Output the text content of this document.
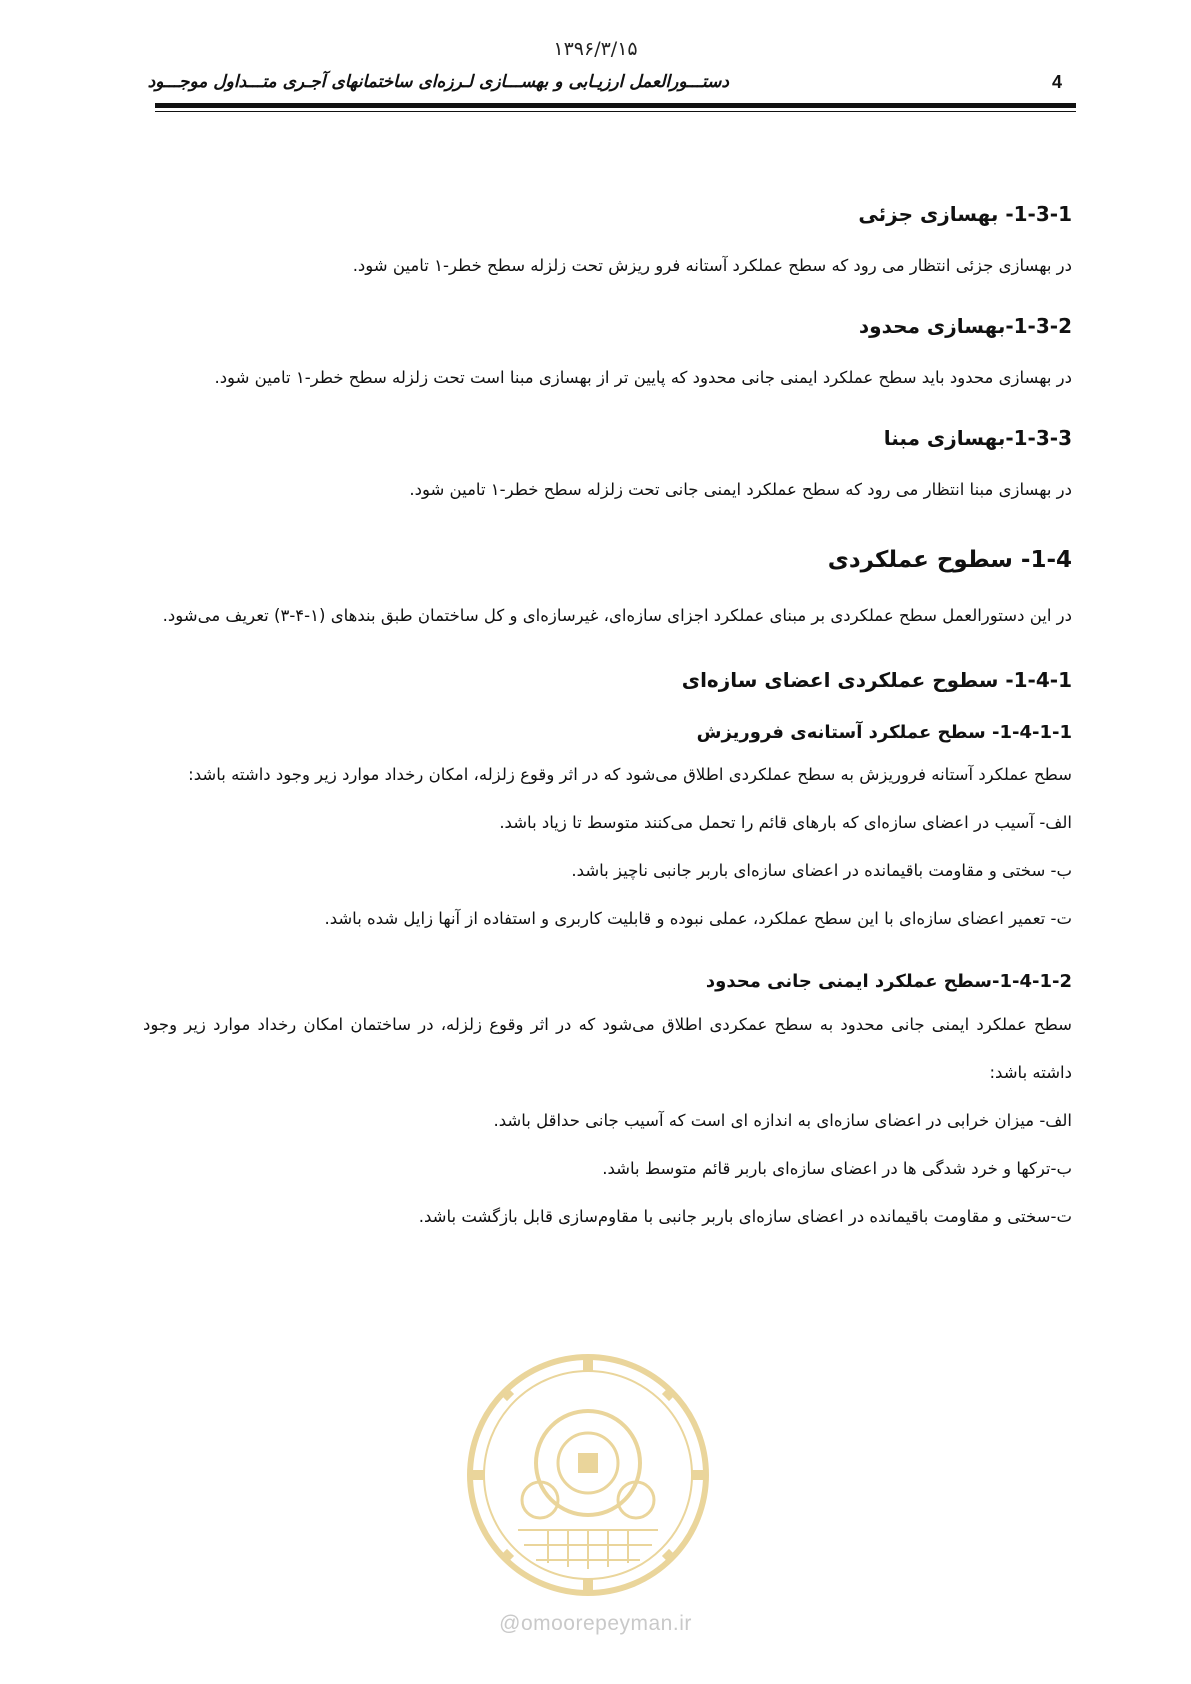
۱۳۹۶/۳/۱۵
دستـــورالعمل ارزیـابی و بهســـازی لـرزه‌ای ساختمانهای آجـری متـــداول موجـــود	4

1-3-1- بهسازی جزئی

در بهسازی جزئی انتظار می رود که سطح عملکرد آستانه فرو ریزش تحت زلزله سطح خطر-۱ تامین شود.

1-3-2-بهسازی محدود

در بهسازی محدود باید سطح عملکرد ایمنی جانی محدود که پایین تر از بهسازی مبنا است تحت زلزله سطح خطر-۱ تامین شود.

1-3-3-بهسازی مبنا

در بهسازی مبنا انتظار می رود که سطح عملکرد ایمنی جانی تحت زلزله سطح خطر-۱ تامین شود.

1-4- سطوح عملکردی

در این دستورالعمل سطح عملکردی بر مبنای عملکرد اجزای سازه‌ای، غیرسازه‌ای و کل ساختمان طبق بندهای (۱-۴-۳) تعریف می‌شود.

1-4-1- سطوح عملکردی اعضای سازه‌ای

1-4-1-1- سطح عملکرد آستانه‌ی فروریزش

سطح عملکرد آستانه فروریزش به سطح عملکردی اطلاق می‌شود که در اثر وقوع زلزله، امکان رخداد موارد زیر وجود داشته باشد:

الف- آسیب در اعضای سازه‌ای که بارهای قائم را تحمل می‌کنند متوسط تا زیاد باشد.

ب- سختی و مقاومت باقیمانده در اعضای سازه‌ای باربر جانبی ناچیز باشد.

ت- تعمیر اعضای سازه‌ای با این سطح عملکرد، عملی نبوده و قابلیت کاربری و استفاده از آنها زایل شده باشد.

1-4-1-2-سطح عملکرد ایمنی جانی محدود

سطح عملکرد ایمنی جانی محدود به سطح عمکردی اطلاق می‌شود که در اثر وقوع زلزله، در ساختمان امکان رخداد موارد زیر وجود داشته باشد:

الف- میزان خرابی در اعضای سازه‌ای به اندازه ای است که آسیب جانی حداقل باشد.

ب-ترکها و خرد شدگی ها در اعضای سازه‌ای باربر قائم متوسط باشد.

ت-سختی و مقاومت باقیمانده در اعضای سازه‌ای باربر جانبی با مقاوم‌سازی قابل بازگشت باشد.

@omoorepeyman.ir
